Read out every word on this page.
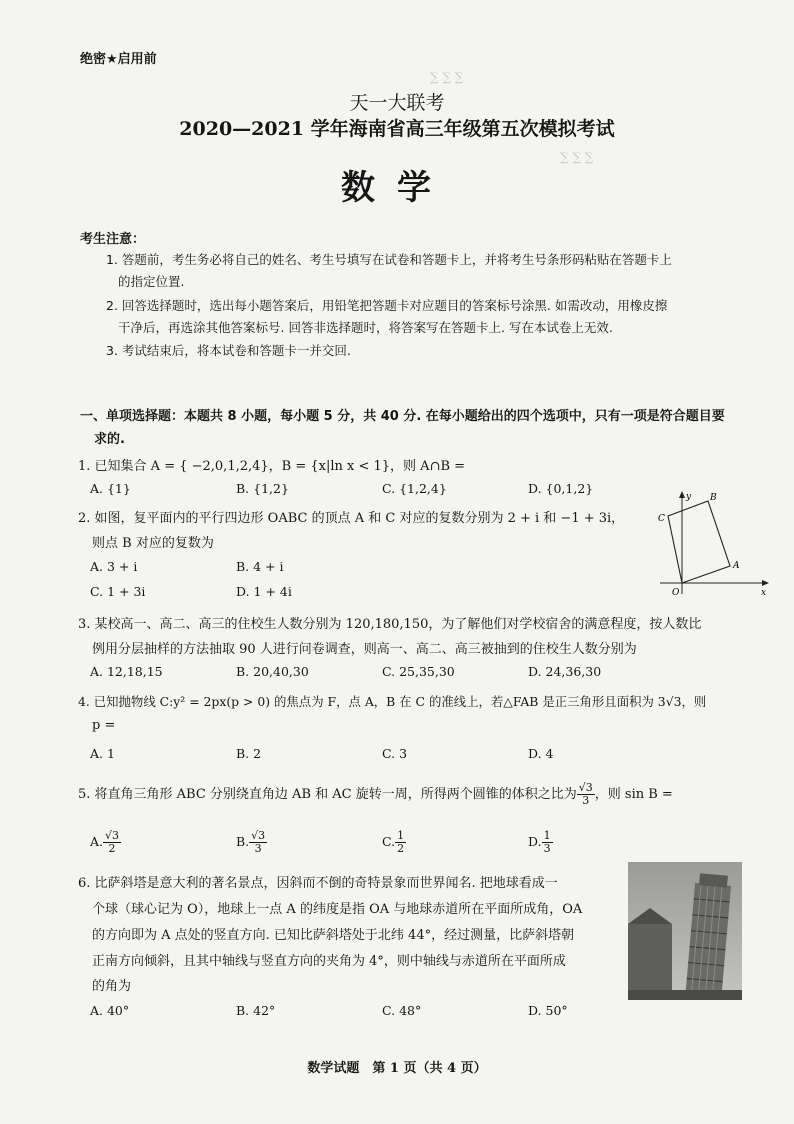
∑ ∑ ∑
∑ ∑ ∑
绝密★启用前
天一大联考
2020—2021 学年海南省高三年级第五次模拟考试
数学
考生注意：
1. 答题前，考生务必将自己的姓名、考生号填写在试卷和答题卡上，并将考生号条形码粘贴在答题卡上
的指定位置.
2. 回答选择题时，选出每小题答案后，用铅笔把答题卡对应题目的答案标号涂黑. 如需改动，用橡皮擦
干净后，再选涂其他答案标号. 回答非选择题时，将答案写在答题卡上. 写在本试卷上无效.
3. 考试结束后，将本试卷和答题卡一并交回.
一、单项选择题：本题共 8 小题，每小题 5 分，共 40 分. 在每小题给出的四个选项中，只有一项是符合题目要
求的.
1. 已知集合 A = { −2,0,1,2,4}，B = {x|ln x < 1}，则 A∩B =
A. {1}	B. {1,2}	C. {1,2,4}	D. {0,1,2}
2. 如图，复平面内的平行四边形 OABC 的顶点 A 和 C 对应的复数分别为 2 + i 和 −1 + 3i，
则点 B 对应的复数为
A. 3 + i	B. 4 + i
C. 1 + 3i	D. 1 + 4i
y
x
O
A
B
C
3. 某校高一、高二、高三的住校生人数分别为 120,180,150，为了解他们对学校宿舍的满意程度，按人数比
例用分层抽样的方法抽取 90 人进行问卷调查，则高一、高二、高三被抽到的住校生人数分别为
A. 12,18,15	B. 20,40,30	C. 25,35,30	D. 24,36,30
4. 已知抛物线 C:y² = 2px(p > 0) 的焦点为 F，点 A，B 在 C 的准线上，若△FAB 是正三角形且面积为 3√3，则
p =
A. 1	B. 2	C. 3	D. 4
5. 将直角三角形 ABC 分别绕直角边 AB 和 AC 旋转一周，所得两个圆锥的体积之比为 $\frac{√3}{3}$ ，则 sin B =
A. $\frac{√3}{2}$	B. $\frac{√3}{3}$	C. $\frac{1}{2}$	D. $\frac{1}{3}$
6. 比萨斜塔是意大利的著名景点，因斜而不倒的奇特景象而世界闻名. 把地球看成一
个球（球心记为 O），地球上一点 A 的纬度是指 OA 与地球赤道所在平面所成角，OA
的方向即为 A 点处的竖直方向. 已知比萨斜塔处于北纬 44°，经过测量，比萨斜塔朝
正南方向倾斜，且其中轴线与竖直方向的夹角为 4°，则中轴线与赤道所在平面所成
的角为
A. 40°	B. 42°	C. 48°	D. 50°
数学试题　第 1 页（共 4 页）
